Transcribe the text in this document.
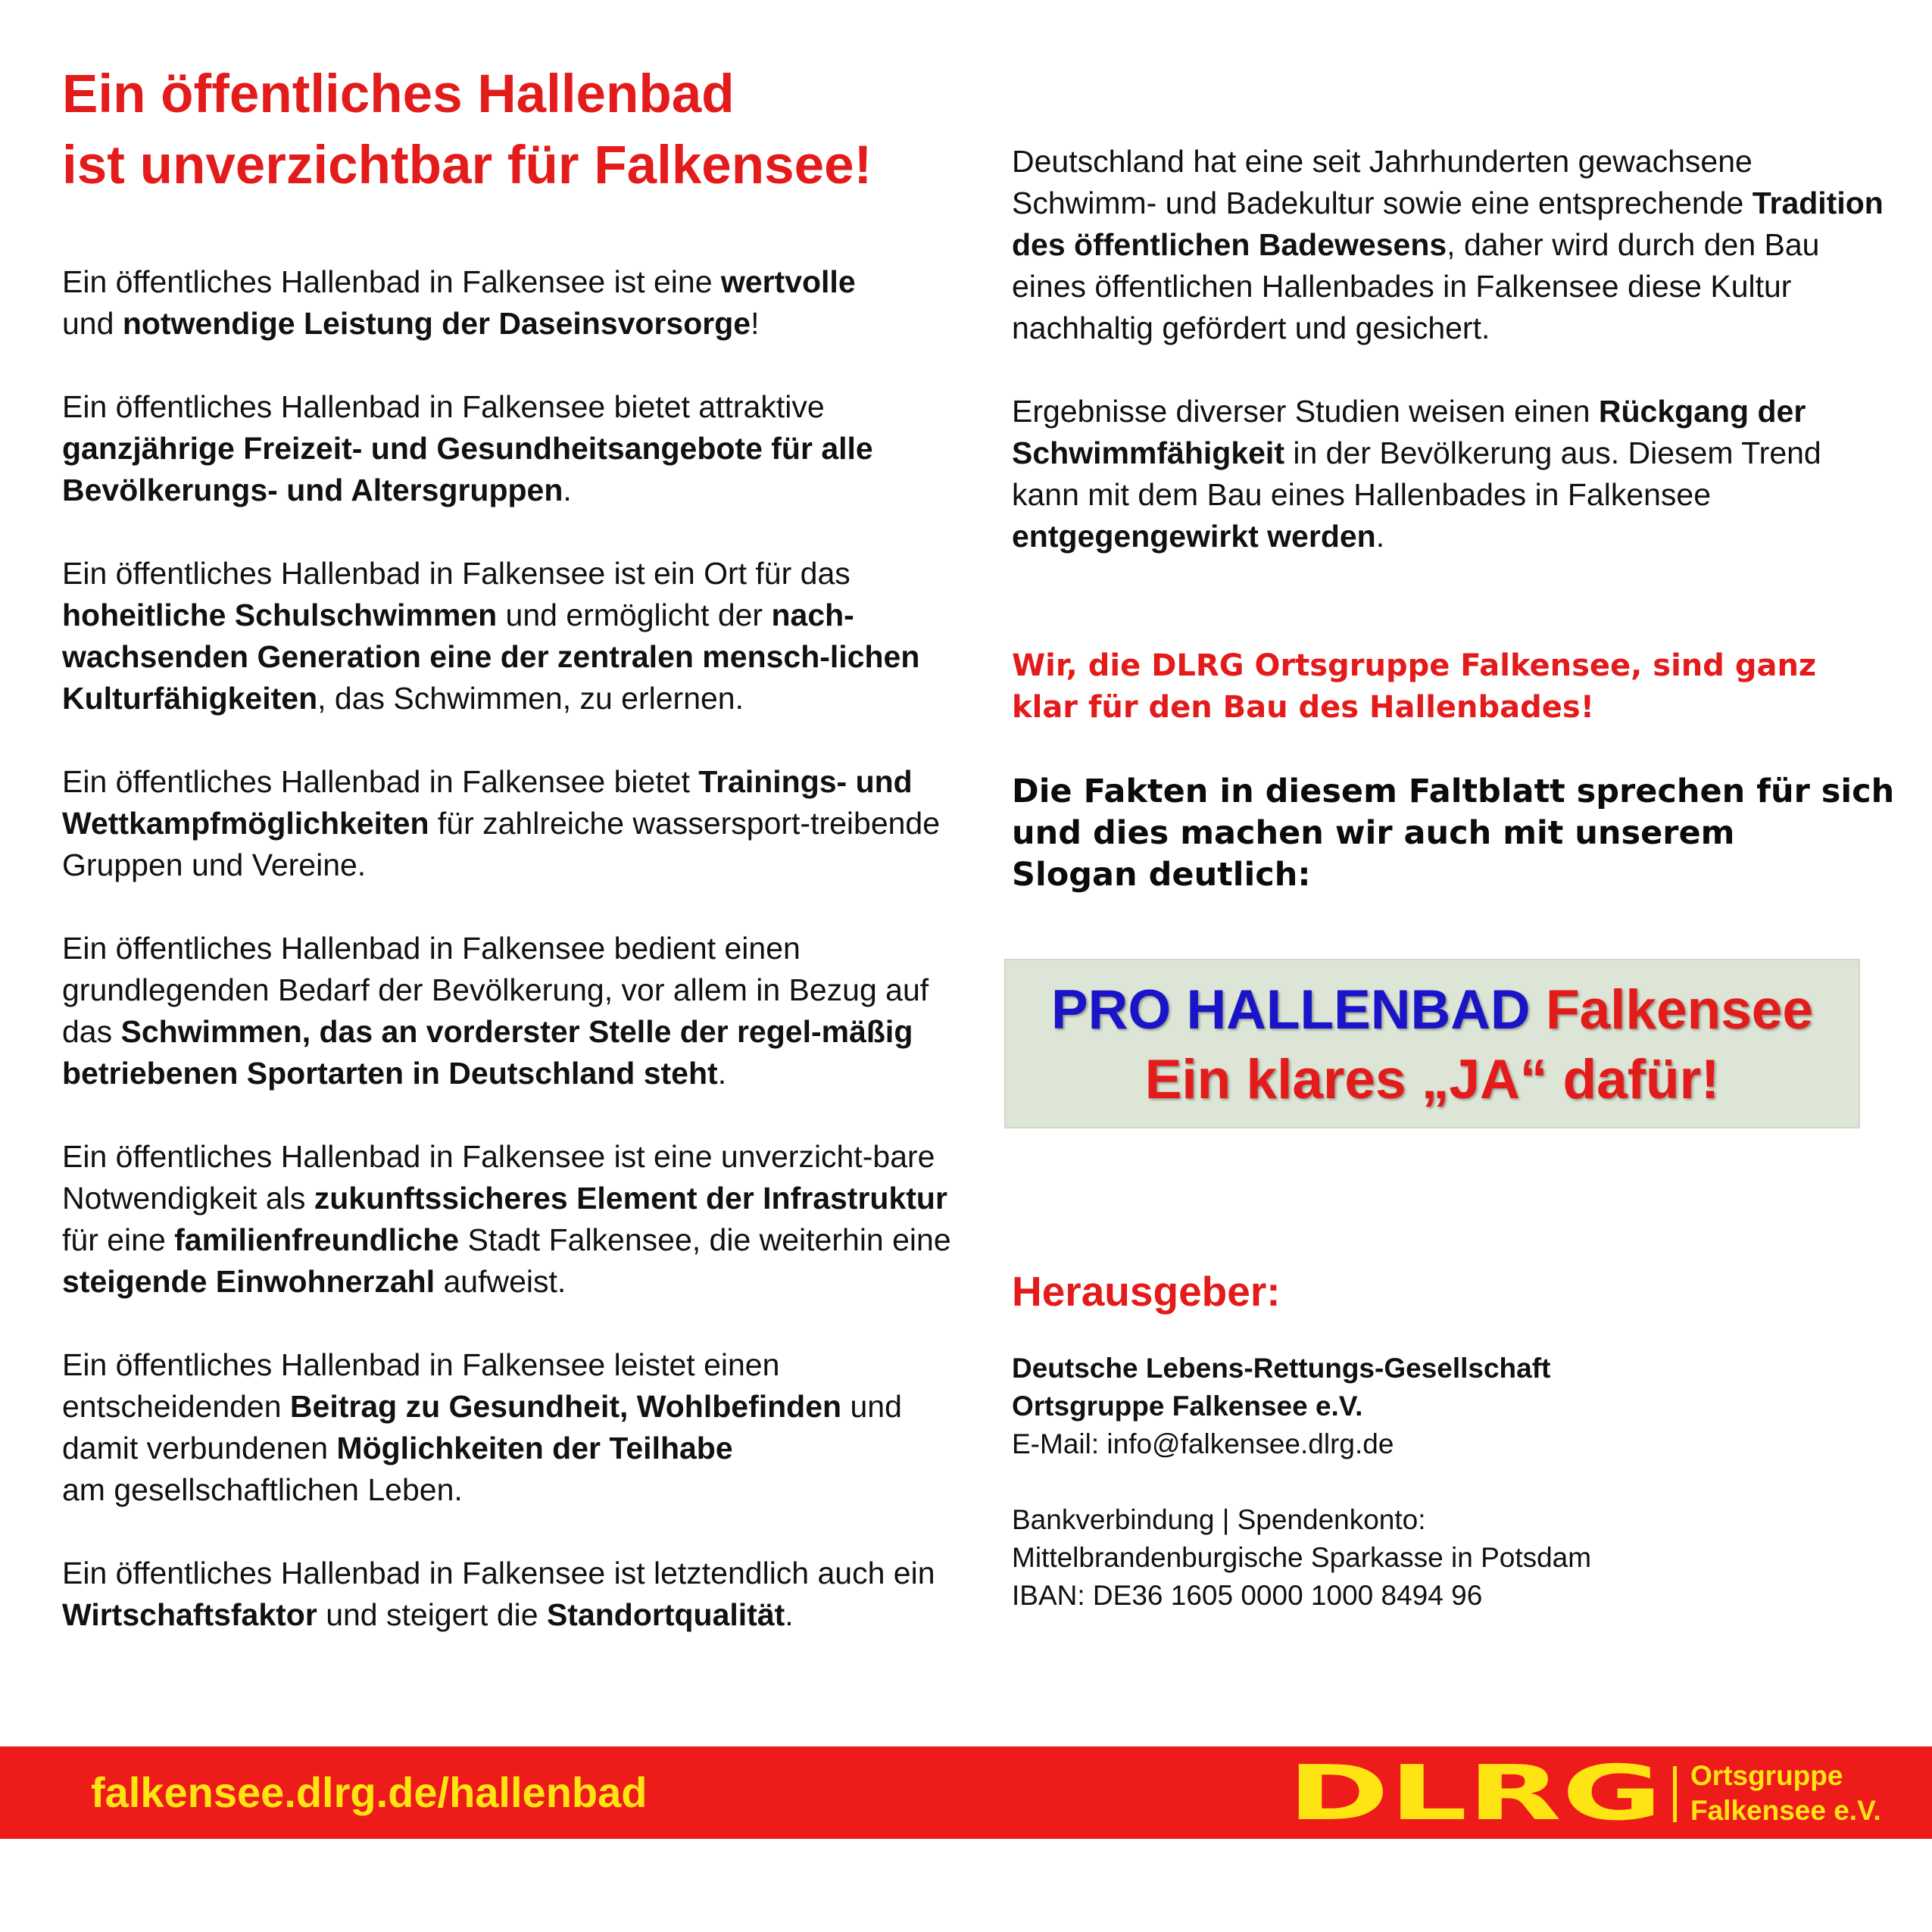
Ein öffentliches Hallenbad
ist unverzichtbar für Falkensee!

Ein öffentliches Hallenbad in Falkensee ist eine wertvolle
und notwendige Leistung der Daseinsvorsorge!

Ein öffentliches Hallenbad in Falkensee bietet attraktive ganzjährige Freizeit- und Gesundheitsangebote für alle Bevölkerungs- und Altersgruppen.

Ein öffentliches Hallenbad in Falkensee ist ein Ort für das hoheitliche Schulschwimmen und ermöglicht der nach-wachsenden Generation eine der zentralen mensch-lichen Kulturfähigkeiten, das Schwimmen, zu erlernen.

Ein öffentliches Hallenbad in Falkensee bietet Trainings- und Wettkampfmöglichkeiten für zahlreiche wassersport-treibende Gruppen und Vereine.

Ein öffentliches Hallenbad in Falkensee bedient einen grundlegenden Bedarf der Bevölkerung, vor allem in Bezug auf das Schwimmen, das an vorderster Stelle der regel-mäßig betriebenen Sportarten in Deutschland steht.

Ein öffentliches Hallenbad in Falkensee ist eine unverzicht-bare Notwendigkeit als zukunftssicheres Element der Infrastruktur für eine familienfreundliche Stadt Falkensee, die weiterhin eine steigende Einwohnerzahl aufweist.

Ein öffentliches Hallenbad in Falkensee leistet einen entscheidenden Beitrag zu Gesundheit, Wohlbefinden und damit verbundenen Möglichkeiten der Teilhabe
am gesellschaftlichen Leben.

Ein öffentliches Hallenbad in Falkensee ist letztendlich auch ein Wirtschaftsfaktor und steigert die Standortqualität.

Deutschland hat eine seit Jahrhunderten gewachsene Schwimm- und Badekultur sowie eine entsprechende Tradition des öffentlichen Badewesens, daher wird durch den Bau eines öffentlichen Hallenbades in Falkensee diese Kultur nachhaltig gefördert und gesichert.

Ergebnisse diverser Studien weisen einen Rückgang der Schwimmfähigkeit in der Bevölkerung aus. Diesem Trend kann mit dem Bau eines Hallenbades in Falkensee entgegengewirkt werden.

Wir, die DLRG Ortsgruppe Falkensee, sind ganz
klar für den Bau des Hallenbades!
Die Fakten in diesem Faltblatt sprechen für sich
und dies machen wir auch mit unserem
Slogan deutlich:
PRO HALLENBAD Falkensee
Ein klares „JA“ dafür!
Herausgeber:
Deutsche Lebens-Rettungs-Gesellschaft
Ortsgruppe Falkensee e.V.
E-Mail: info@falkensee.dlrg.de
Bankverbindung | Spendenkonto:
Mittelbrandenburgische Sparkasse in Potsdam
IBAN: DE36 1605 0000 1000 8494 96
falkensee.dlrg.de/hallenbad	DLRG Ortsgruppe
Falkensee e.V.
